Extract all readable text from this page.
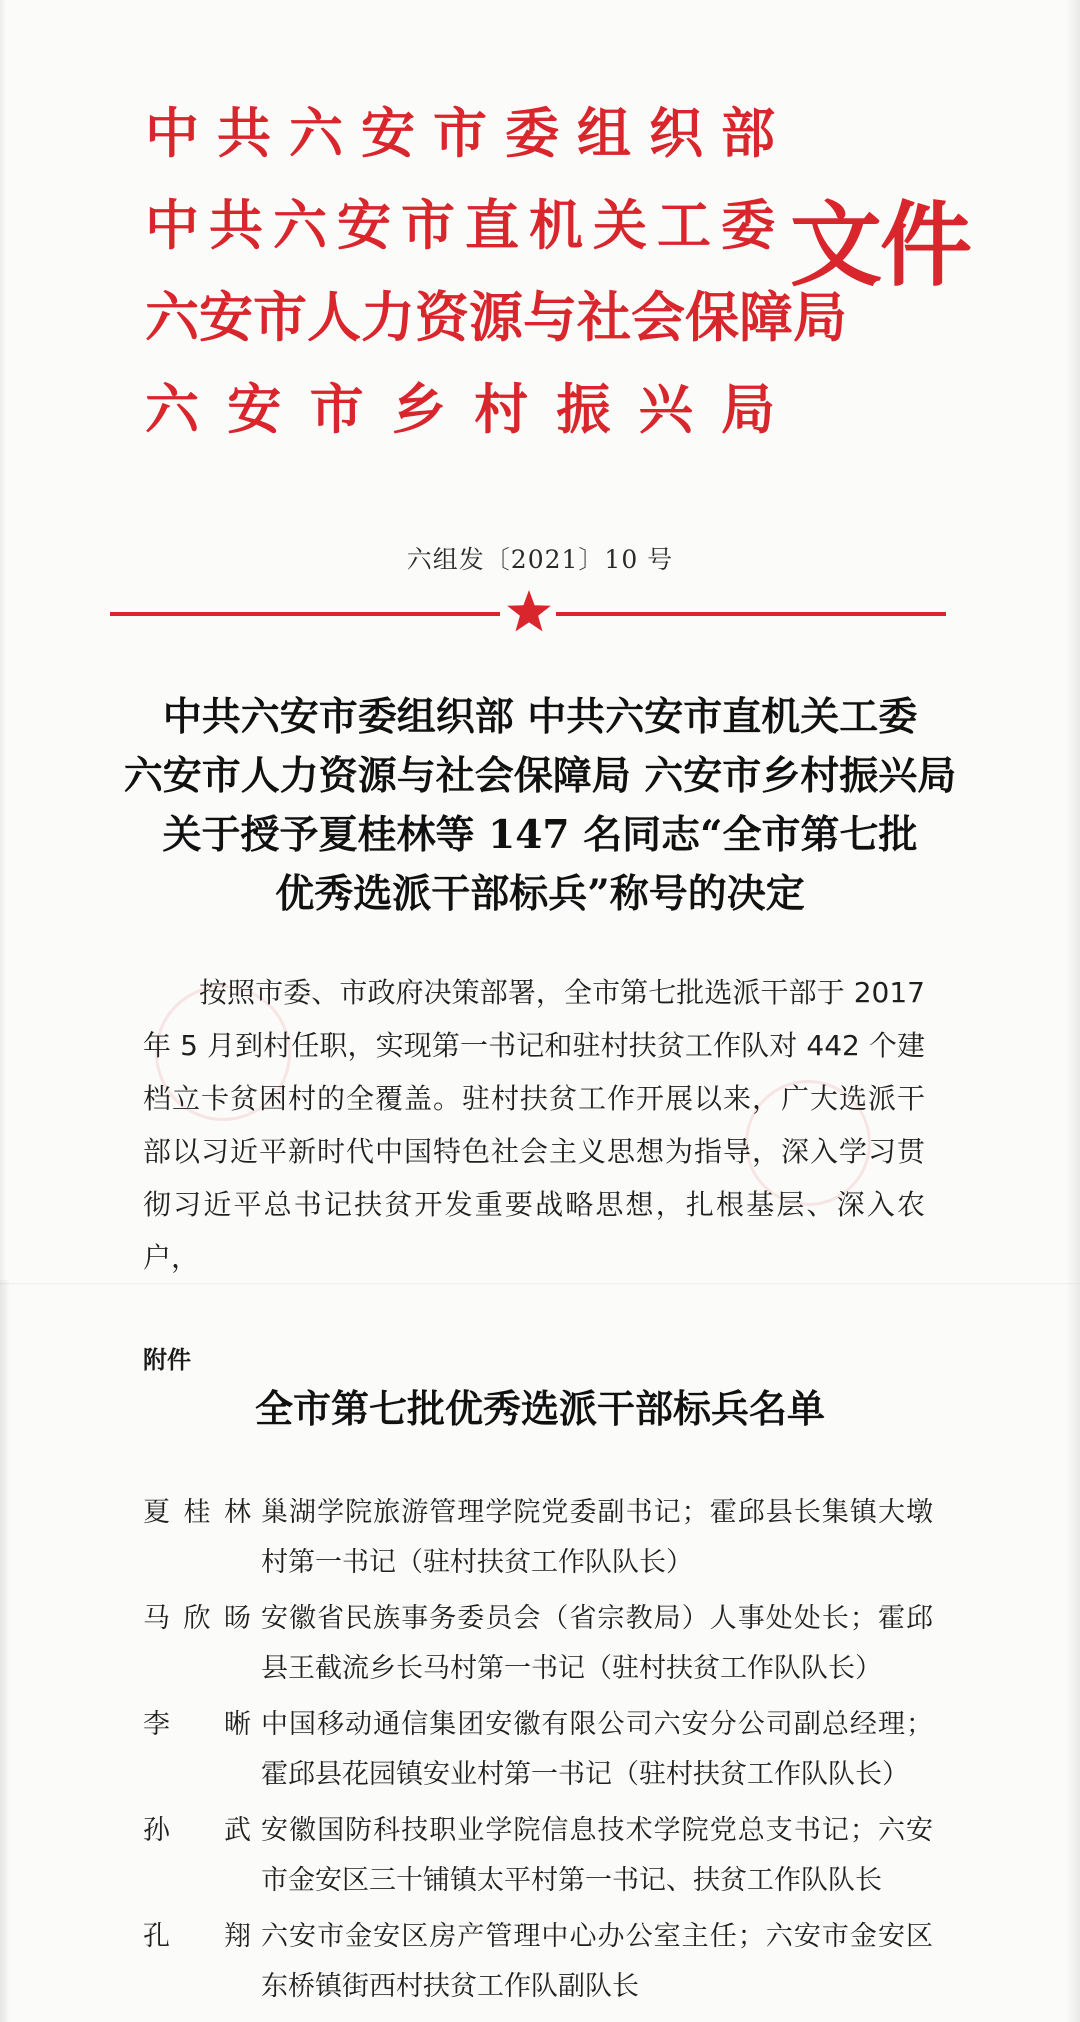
中共六安市委组织部
中共六安市直机关工委
六安市人力资源与社会保障局
六安市乡村振兴局
文件
六组发〔2021〕10 号
中共六安市委组织部 中共六安市直机关工委
六安市人力资源与社会保障局 六安市乡村振兴局
关于授予夏桂林等 147 名同志“全市第七批
优秀选派干部标兵”称号的决定
按照市委、市政府决策部署，全市第七批选派干部于 2017 年 5 月到村任职，实现第一书记和驻村扶贫工作队对 442 个建档立卡贫困村的全覆盖。驻村扶贫工作开展以来，广大选派干部以习近平新时代中国特色社会主义思想为指导，深入学习贯彻习近平总书记扶贫开发重要战略思想，扎根基层、深入农户，
附件
全市第七批优秀选派干部标兵名单
夏桂林 巢湖学院旅游管理学院党委副书记；霍邱县长集镇大墩村第一书记（驻村扶贫工作队队长）
马欣旸 安徽省民族事务委员会（省宗教局）人事处处长；霍邱县王截流乡长马村第一书记（驻村扶贫工作队队长）
李晰 中国移动通信集团安徽有限公司六安分公司副总经理；霍邱县花园镇安业村第一书记（驻村扶贫工作队队长）
孙武 安徽国防科技职业学院信息技术学院党总支书记；六安市金安区三十铺镇太平村第一书记、扶贫工作队队长
孔翔 六安市金安区房产管理中心办公室主任；六安市金安区东桥镇街西村扶贫工作队副队长
